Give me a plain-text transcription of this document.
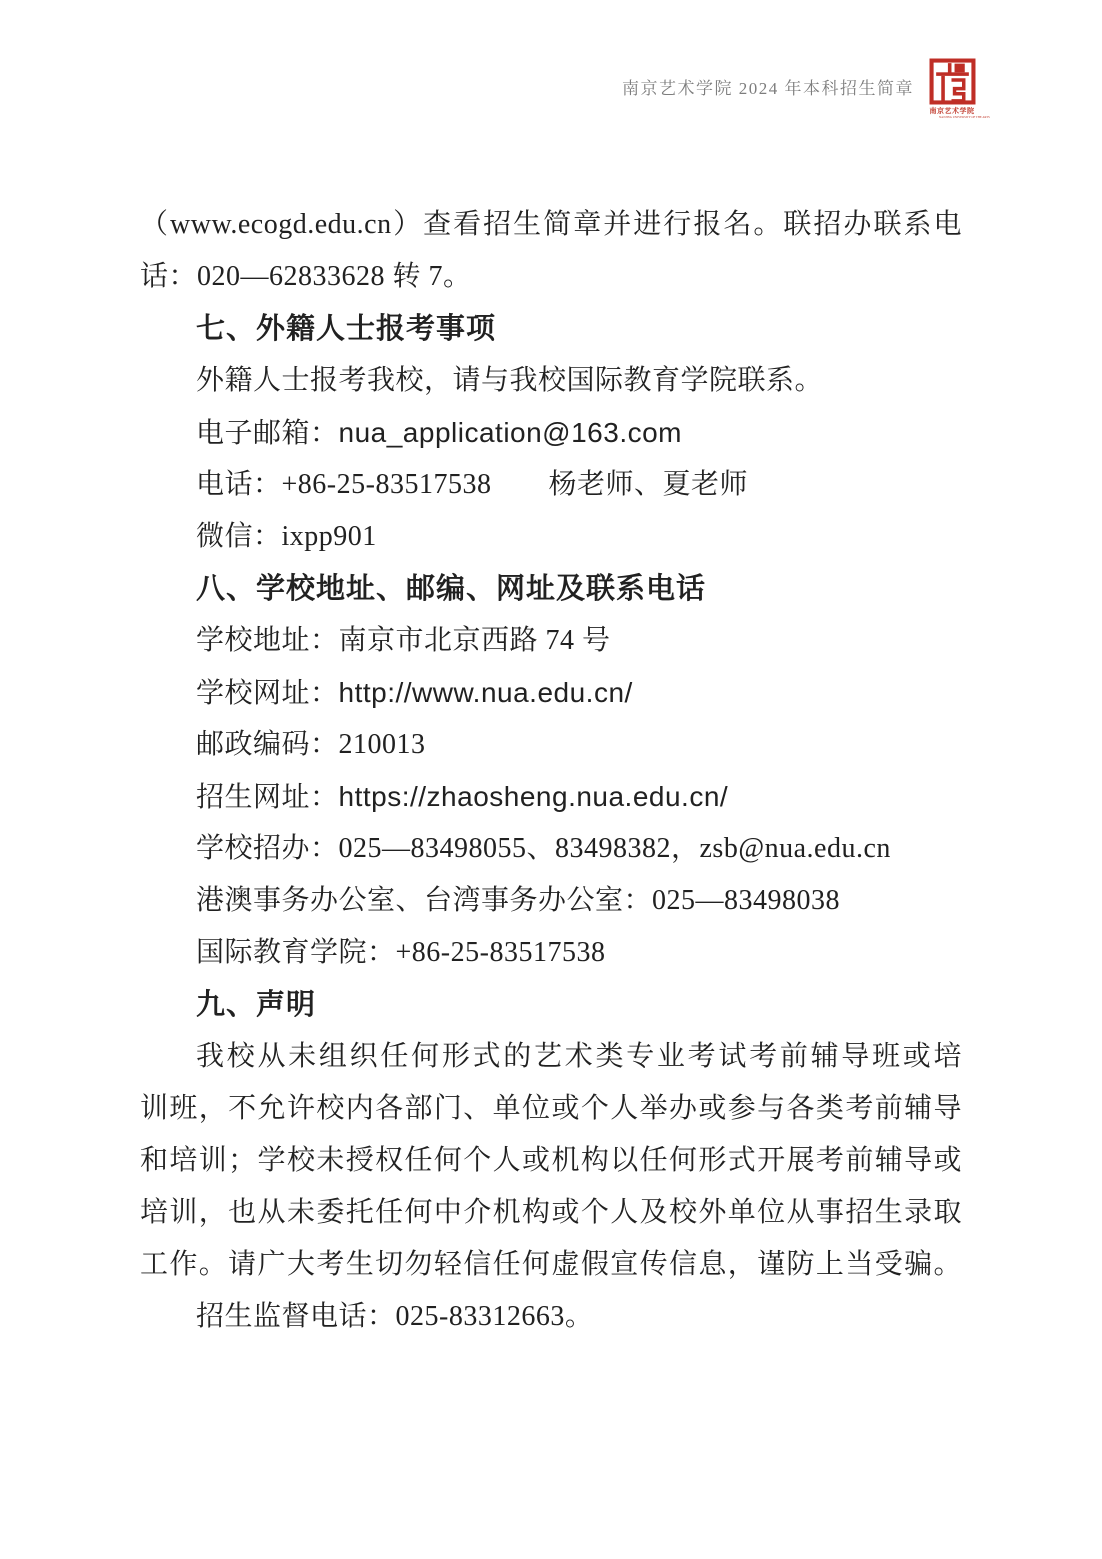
南京艺术学院 2024 年本科招生简章
南京艺术学院
NANJING UNIVERSITY OF THE ARTS
（www.ecogd.edu.cn）查看招生简章并进行报名。联招办联系电
话：020—62833628 转 7。
七、外籍人士报考事项
外籍人士报考我校，请与我校国际教育学院联系。
电子邮箱：nua_application@163.com
电话：+86-25-83517538　　杨老师、夏老师
微信：ixpp901
八、学校地址、邮编、网址及联系电话
学校地址：南京市北京西路 74 号
学校网址：http://www.nua.edu.cn/
邮政编码：210013
招生网址：https://zhaosheng.nua.edu.cn/
学校招办：025—83498055、83498382，zsb@nua.edu.cn
港澳事务办公室、台湾事务办公室：025—83498038
国际教育学院：+86-25-83517538
九、声明
我校从未组织任何形式的艺术类专业考试考前辅导班或培
训班，不允许校内各部门、单位或个人举办或参与各类考前辅导
和培训；学校未授权任何个人或机构以任何形式开展考前辅导或
培训，也从未委托任何中介机构或个人及校外单位从事招生录取
工作。请广大考生切勿轻信任何虚假宣传信息，谨防上当受骗。
招生监督电话：025-83312663。
